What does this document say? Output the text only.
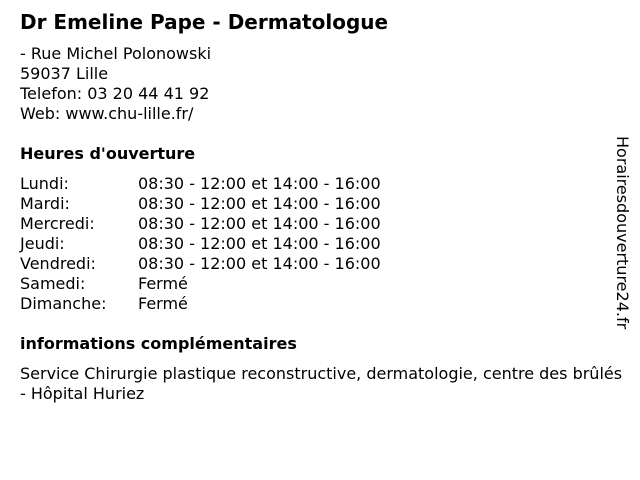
Dr Emeline Pape - Dermatologue
- Rue Michel Polonowski
59037 Lille
Telefon: 03 20 44 41 92
Web: www.chu-lille.fr/
Heures d'ouverture
Lundi:	08:30 - 12:00 et 14:00 - 16:00
Mardi:	08:30 - 12:00 et 14:00 - 16:00
Mercredi:	08:30 - 12:00 et 14:00 - 16:00
Jeudi:	08:30 - 12:00 et 14:00 - 16:00
Vendredi:	08:30 - 12:00 et 14:00 - 16:00
Samedi:	Fermé
Dimanche:	Fermé
informations complémentaires
Service Chirurgie plastique reconstructive, dermatologie, centre des brûlés - Hôpital Huriez
Horairesdouverture24.fr
